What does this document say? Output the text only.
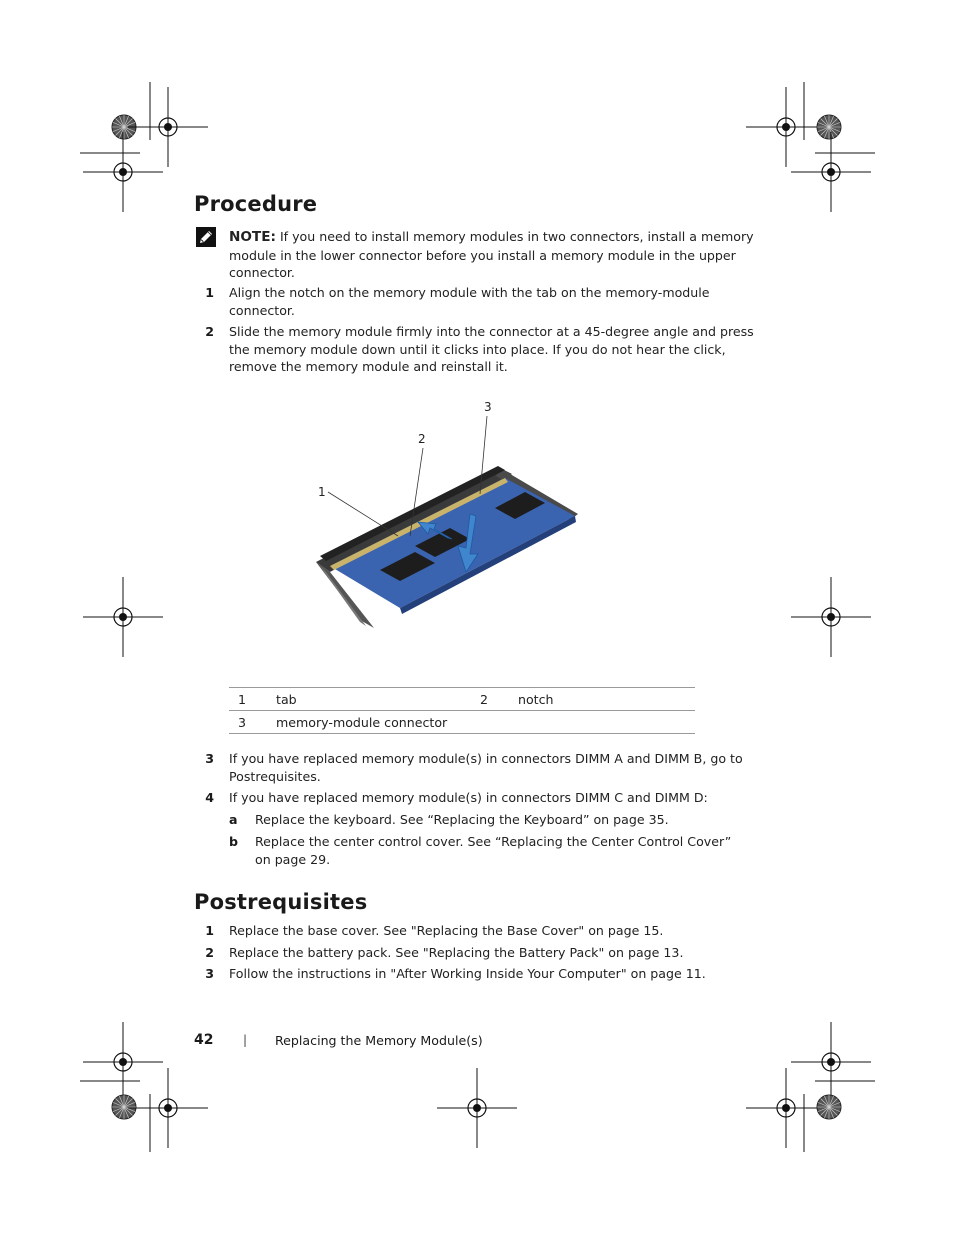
Procedure
NOTE: If you need to install memory modules in two connectors, install a memory module in the lower connector before you install a memory module in the upper connector.
1 Align the notch on the memory module with the tab on the memory-module connector.
2 Slide the memory module firmly into the connector at a 45-degree angle and press the memory module down until it clicks into place. If you do not hear the click, remove the memory module and reinstall it.
1
2
3
1	tab	2	notch
3	memory-module connector		
3 If you have replaced memory module(s) in connectors DIMM A and DIMM B, go to Postrequisites.
4 If you have replaced memory module(s) in connectors DIMM C and DIMM D:
a	Replace the keyboard. See “Replacing the Keyboard” on page 35.
b	Replace the center control cover. See “Replacing the Center Control Cover” on page 29.
Postrequisites
1 Replace the base cover. See "Replacing the Base Cover" on page 15.
2 Replace the battery pack. See "Replacing the Battery Pack" on page 13.
3 Follow the instructions in "After Working Inside Your Computer" on page 11.
42 | Replacing the Memory Module(s)
